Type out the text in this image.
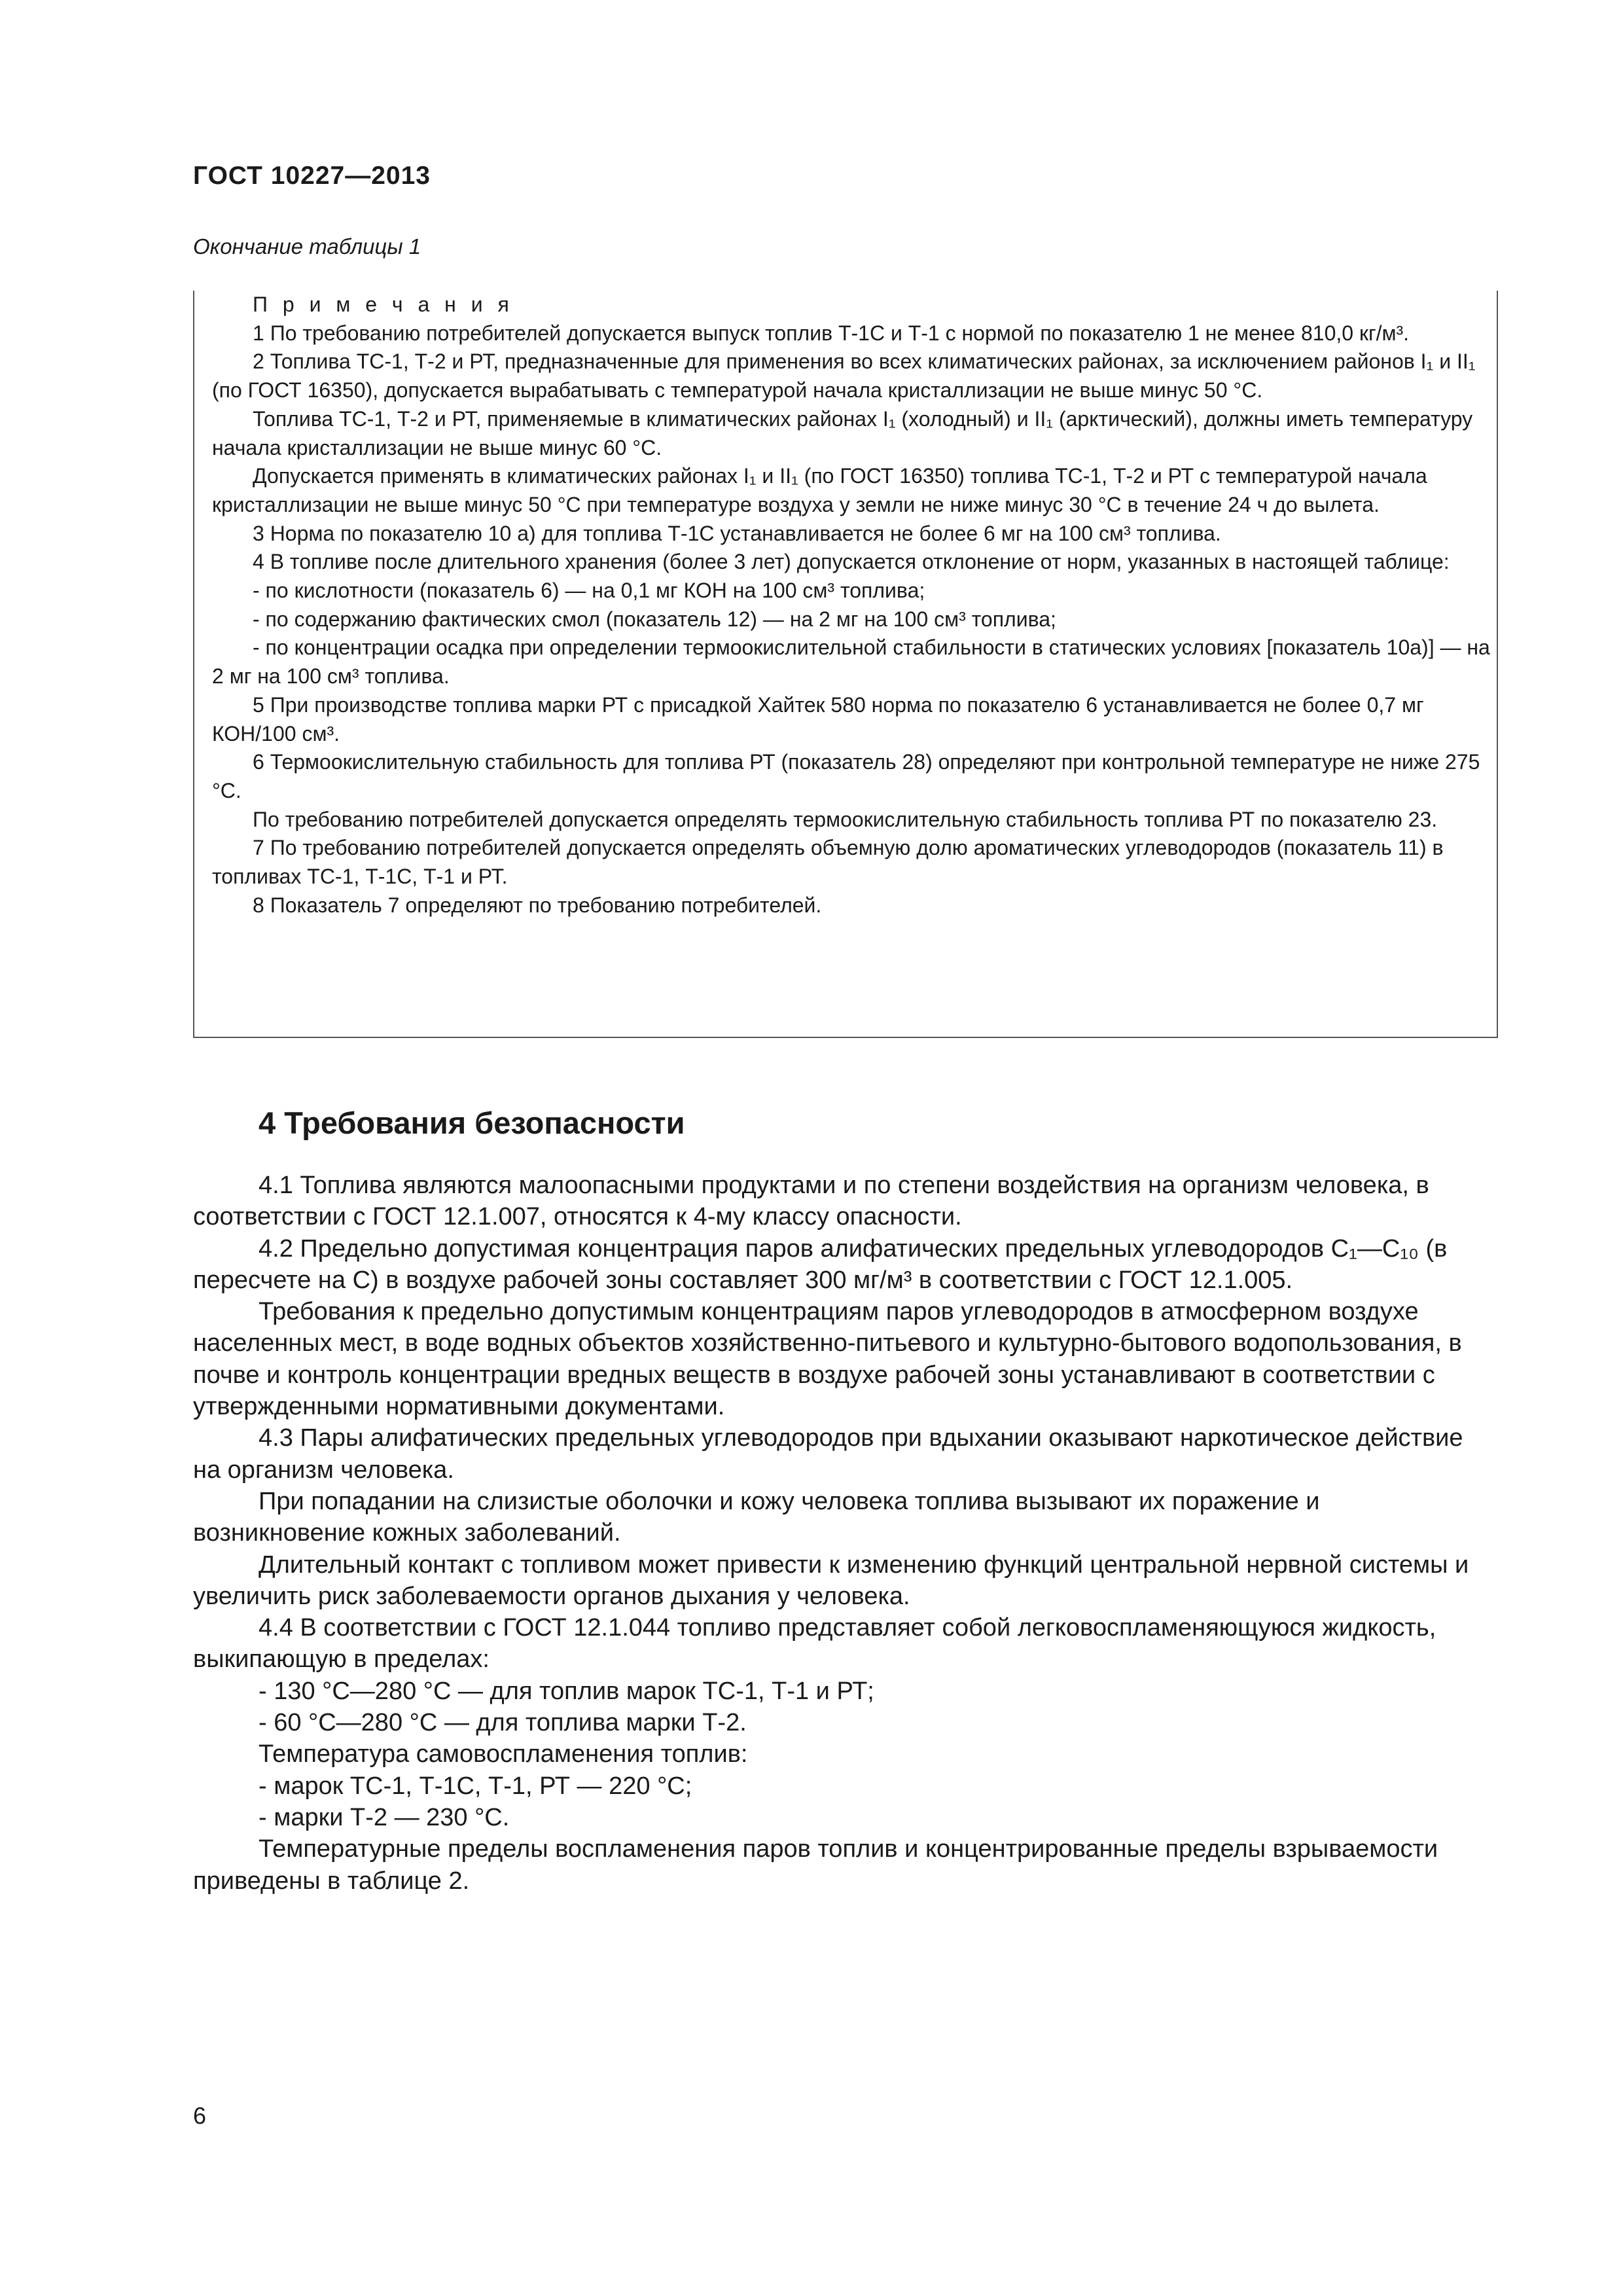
ГОСТ 10227—2013
Окончание таблицы 1

П р и м е ч а н и я

1 По требованию потребителей допускается выпуск топлив Т-1С и Т-1 с нормой по показателю 1 не менее 810,0 кг/м³.

2 Топлива ТС-1, Т-2 и РТ, предназначенные для применения во всех климатических районах, за исключением районов I₁ и II₁ (по ГОСТ 16350), допускается вырабатывать с температурой начала кристаллизации не выше минус 50 °С.

Топлива ТС-1, Т-2 и РТ, применяемые в климатических районах I₁ (холодный) и II₁ (арктический), должны иметь температуру начала кристаллизации не выше минус 60 °С.

Допускается применять в климатических районах I₁ и II₁ (по ГОСТ 16350) топлива ТС-1, Т-2 и РТ с температурой начала кристаллизации не выше минус 50 °С при температуре воздуха у земли не ниже минус 30 °С в течение 24 ч до вылета.

3 Норма по показателю 10 а) для топлива Т-1С устанавливается не более 6 мг на 100 см³ топлива.

4 В топливе после длительного хранения (более 3 лет) допускается отклонение от норм, указанных в настоящей таблице:

- по кислотности (показатель 6) — на 0,1 мг КОН на 100 см³ топлива;

- по содержанию фактических смол (показатель 12) — на 2 мг на 100 см³ топлива;

- по концентрации осадка при определении термоокислительной стабильности в статических условиях [показатель 10а)] — на 2 мг на 100 см³ топлива.

5 При производстве топлива марки РТ с присадкой Хайтек 580 норма по показателю 6 устанавливается не более 0,7 мг КОН/100 см³.

6 Термоокислительную стабильность для топлива РТ (показатель 28) определяют при контрольной температуре не ниже 275 °С.

По требованию потребителей допускается определять термоокислительную стабильность топлива РТ по показателю 23.

7 По требованию потребителей допускается определять объемную долю ароматических углеводородов (показатель 11) в топливах ТС-1, Т-1С, Т-1 и РТ.

8 Показатель 7 определяют по требованию потребителей.

4 Требования безопасности

4.1 Топлива являются малоопасными продуктами и по степени воздействия на организм человека, в соответствии с ГОСТ 12.1.007, относятся к 4-му классу опасности.

4.2 Предельно допустимая концентрация паров алифатических предельных углеводородов С₁—С₁₀ (в пересчете на С) в воздухе рабочей зоны составляет 300 мг/м³ в соответствии с ГОСТ 12.1.005.

Требования к предельно допустимым концентрациям паров углеводородов в атмосферном воздухе населенных мест, в воде водных объектов хозяйственно-питьевого и культурно-бытового водопользования, в почве и контроль концентрации вредных веществ в воздухе рабочей зоны устанавливают в соответствии с утвержденными нормативными документами.

4.3 Пары алифатических предельных углеводородов при вдыхании оказывают наркотическое действие на организм человека.

При попадании на слизистые оболочки и кожу человека топлива вызывают их поражение и возникновение кожных заболеваний.

Длительный контакт с топливом может привести к изменению функций центральной нервной системы и увеличить риск заболеваемости органов дыхания у человека.

4.4 В соответствии с ГОСТ 12.1.044 топливо представляет собой легковоспламеняющуюся жидкость, выкипающую в пределах:

- 130 °С—280 °С — для топлив марок ТС-1, Т-1 и РТ;

- 60 °С—280 °С — для топлива марки Т-2.

Температура самовоспламенения топлив:

- марок ТС-1, Т-1С, Т-1, РТ — 220 °С;

- марки Т-2 — 230 °С.

Температурные пределы воспламенения паров топлив и концентрированные пределы взрываемости приведены в таблице 2.

6
